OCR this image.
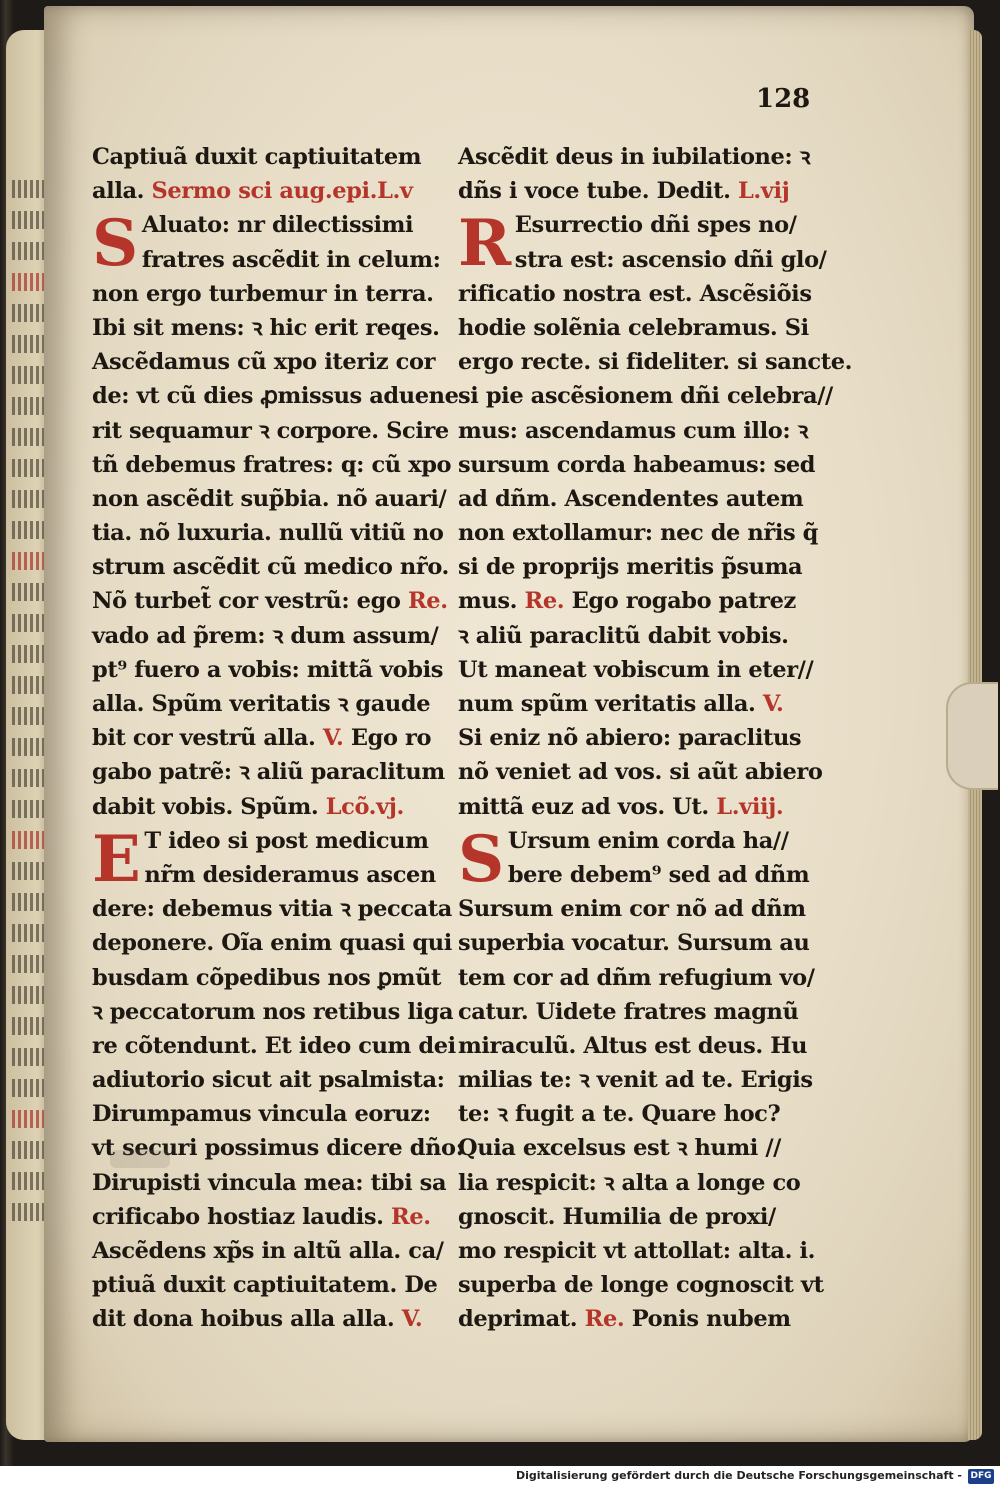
128
Captiuã duxit captiuitatem
alla. Sermo sci aug.epi.L.v
S Aluato: nr dilectissimi
fratres ascẽdit in celum:
non ergo turbemur in terra.
Ibi sit mens: ꝛ hic erit reqes.
Ascẽdamus cũ xpo iteriz cor
de: vt cũ dies ꝓmissus aduene
rit sequamur ꝛ corpore. Scire
tñ debemus fratres: q: cũ xpo
non ascẽdit sup̃bia. nõ auari/
tia. nõ luxuria. nullũ vitiũ no
strum ascẽdit cũ medico nr̃o.
Nõ turbet̃ cor vestrũ: ego Re.
vado ad p̃rem: ꝛ dum assum/
pt⁹ fuero a vobis: mittã vobis
alla. Spũm veritatis ꝛ gaude
bit cor vestrũ alla. V. Ego ro
gabo patrẽ: ꝛ aliũ paraclitum
dabit vobis. Spũm. Lcõ.vj.
E T ideo si post medicum
nr̃m desideramus ascen
dere: debemus vitia ꝛ peccata
deponere. Oĩa enim quasi qui
busdam cõpedibus nos ꝑmũt
ꝛ peccatorum nos retibus liga
re cõtendunt. Et ideo cum dei
adiutorio sicut ait psalmista:
Dirumpamus vincula eoruz:
vt securi possimus dicere dño:
Dirupisti vincula mea: tibi sa
crificabo hostiaz laudis. Re.
Ascẽdens xp̃s in altũ alla. ca/
ptiuã duxit captiuitatem. De
dit dona hoibus alla alla. V.
Ascẽdit deus in iubilatione: ꝛ
dñs i voce tube. Dedit. L.vij
R Esurrectio dñi spes no/
stra est: ascensio dñi glo/
rificatio nostra est. Ascẽsiõis
hodie solẽnia celebramus. Si
ergo recte. si fideliter. si sancte.
si pie ascẽsionem dñi celebra//
mus: ascendamus cum illo: ꝛ
sursum corda habeamus: sed
ad dñm. Ascendentes autem
non extollamur: nec de nr̃is q̃
si de proprijs meritis p̃suma
mus. Re. Ego rogabo patrez
ꝛ aliũ paraclitũ dabit vobis.
Ut maneat vobiscum in eter//
num spũm veritatis alla. V.
Si eniz nõ abiero: paraclitus
nõ veniet ad vos. si aũt abiero
mittã euz ad vos. Ut. L.viij.
S Ursum enim corda ha//
bere debem⁹ sed ad dñm
Sursum enim cor nõ ad dñm
superbia vocatur. Sursum au
tem cor ad dñm refugium vo/
catur. Uidete fratres magnũ
miraculũ. Altus est deus. Hu
milias te: ꝛ venit ad te. Erigis
te: ꝛ fugit a te. Quare hoc?
Quia excelsus est ꝛ humi //
lia respicit: ꝛ alta a longe co
gnoscit. Humilia de proxi/
mo respicit vt attollat: alta. i.
superba de longe cognoscit vt
deprimat. Re. Ponis nubem
Digitalisierung gefördert durch die Deutsche Forschungsgemeinschaft - DFG
